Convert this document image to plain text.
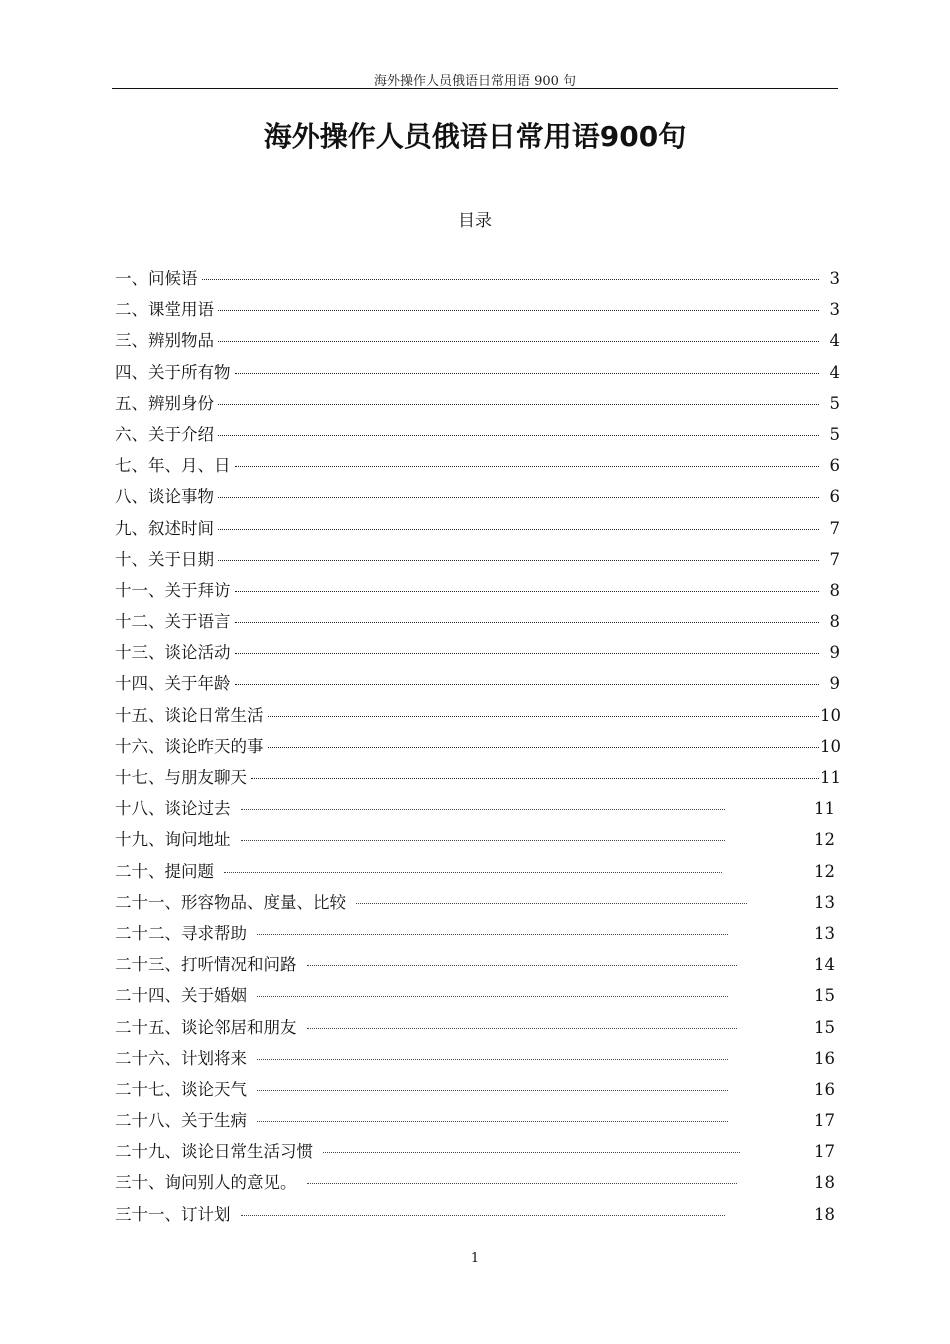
海外操作人员俄语日常用语 900 句
海外操作人员俄语日常用语900句
目录
一、问候语	3
二、课堂用语	3
三、辨别物品	4
四、关于所有物	4
五、辨别身份	5
六、关于介绍	5
七、年、月、日	6
八、谈论事物	6
九、叙述时间	7
十、关于日期	7
十一、关于拜访	8
十二、关于语言	8
十三、谈论活动	9
十四、关于年龄	9
十五、谈论日常生活	10
十六、谈论昨天的事	10
十七、与朋友聊天	11
十八、谈论过去	11
十九、询问地址	12
二十、提问题	12
二十一、形容物品、度量、比较	13
二十二、寻求帮助	13
二十三、打听情况和问路	14
二十四、关于婚姻	15
二十五、谈论邻居和朋友	15
二十六、计划将来	16
二十七、谈论天气	16
二十八、关于生病	17
二十九、谈论日常生活习惯	17
三十、询问别人的意见。	18
三十一、订计划	18
1
